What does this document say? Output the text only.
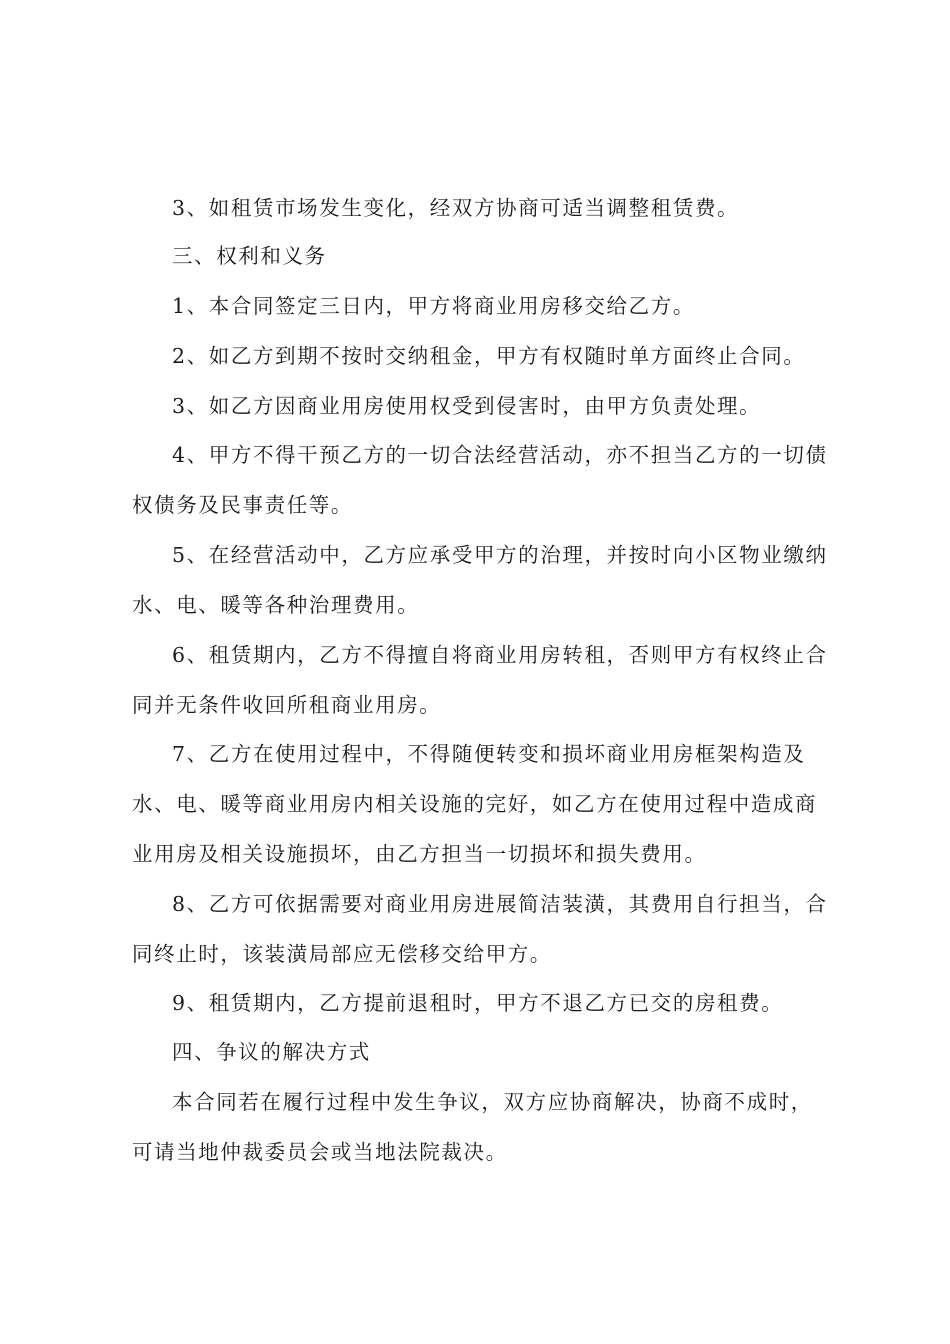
3、如租赁市场发生变化，经双方协商可适当调整租赁费。
三、权利和义务
1、本合同签定三日内，甲方将商业用房移交给乙方。
2、如乙方到期不按时交纳租金，甲方有权随时单方面终止合同。
3、如乙方因商业用房使用权受到侵害时，由甲方负责处理。
4、甲方不得干预乙方的一切合法经营活动，亦不担当乙方的一切债
权债务及民事责任等。
5、在经营活动中，乙方应承受甲方的治理，并按时向小区物业缴纳
水、电、暖等各种治理费用。
6、租赁期内，乙方不得擅自将商业用房转租，否则甲方有权终止合
同并无条件收回所租商业用房。
7、乙方在使用过程中，不得随便转变和损坏商业用房框架构造及
水、电、暖等商业用房内相关设施的完好，如乙方在使用过程中造成商
业用房及相关设施损坏，由乙方担当一切损坏和损失费用。
8、乙方可依据需要对商业用房进展简洁装潢，其费用自行担当，合
同终止时，该装潢局部应无偿移交给甲方。
9、租赁期内，乙方提前退租时，甲方不退乙方已交的房租费。
四、争议的解决方式
本合同若在履行过程中发生争议，双方应协商解决，协商不成时，
可请当地仲裁委员会或当地法院裁决。
